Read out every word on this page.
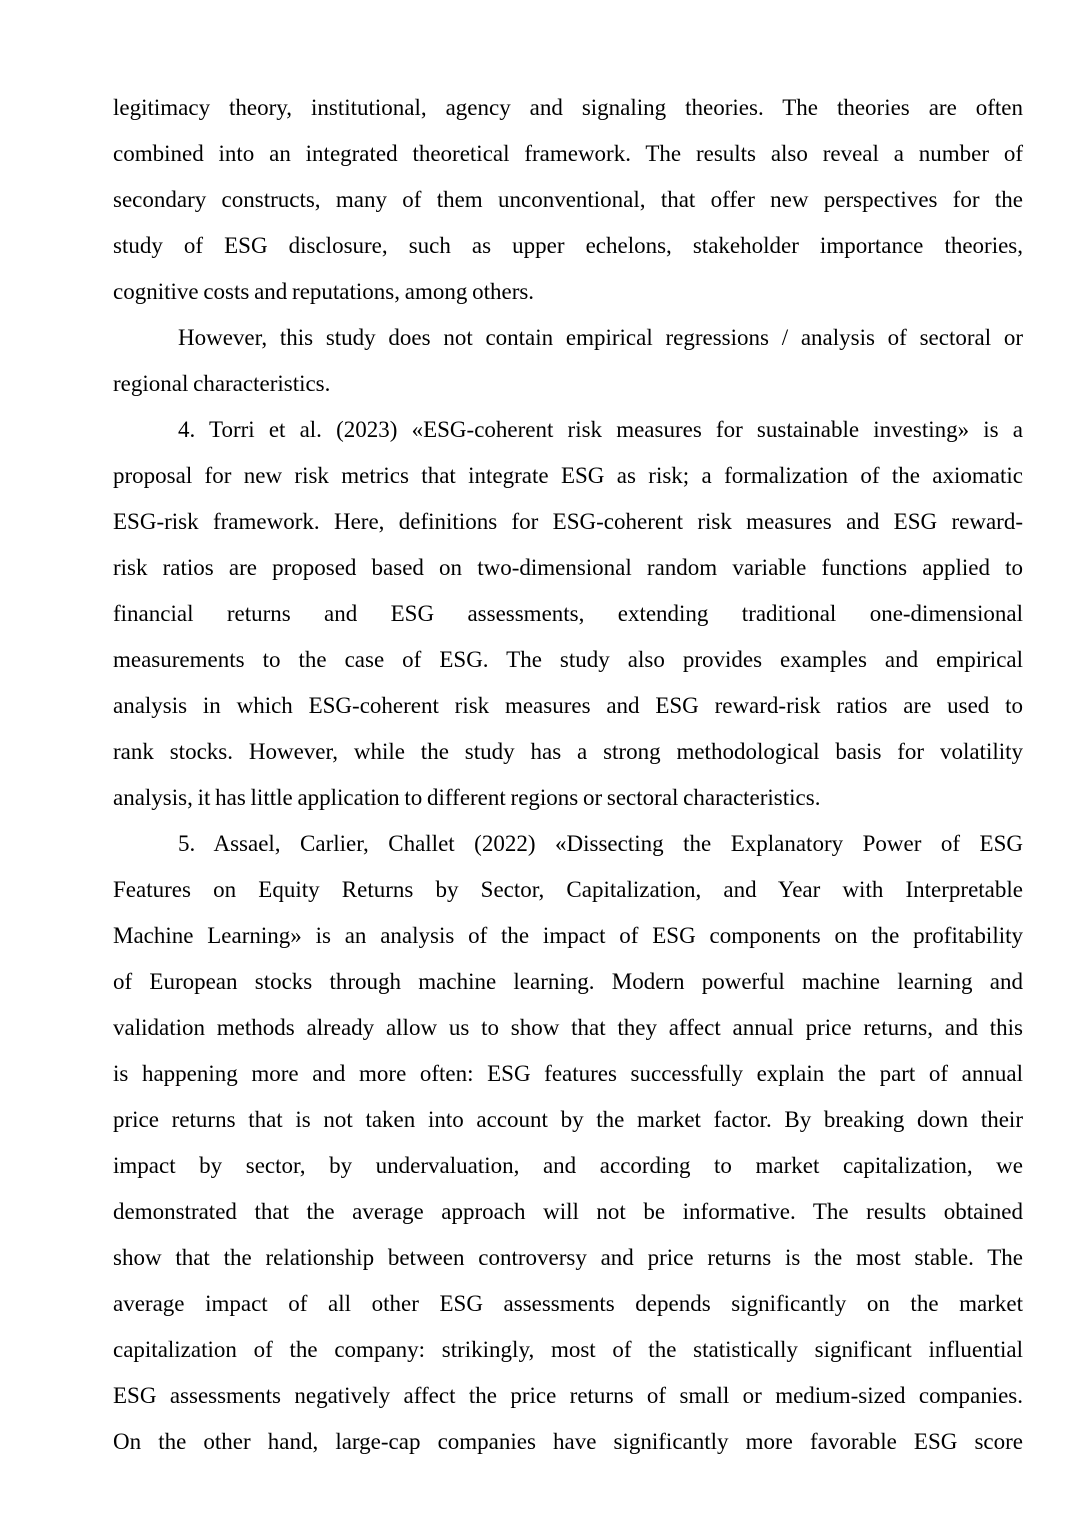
legitimacy theory, institutional, agency and signaling theories. The theories are often
combined into an integrated theoretical framework. The results also reveal a number of
secondary constructs, many of them unconventional, that offer new perspectives for the
study of ESG disclosure, such as upper echelons, stakeholder importance theories,
cognitive costs and reputations, among others.

However, this study does not contain empirical regressions / analysis of sectoral or
regional characteristics.

4. Torri et al. (2023) «ESG-coherent risk measures for sustainable investing» is a
proposal for new risk metrics that integrate ESG as risk; a formalization of the axiomatic
ESG-risk framework. Here, definitions for ESG-coherent risk measures and ESG reward-
risk ratios are proposed based on two-dimensional random variable functions applied to
financial returns and ESG assessments, extending traditional one-dimensional
measurements to the case of ESG. The study also provides examples and empirical
analysis in which ESG-coherent risk measures and ESG reward-risk ratios are used to
rank stocks. However, while the study has a strong methodological basis for volatility
analysis, it has little application to different regions or sectoral characteristics.

5. Assael, Carlier, Challet (2022) «Dissecting the Explanatory Power of ESG
Features on Equity Returns by Sector, Capitalization, and Year with Interpretable
Machine Learning» is an analysis of the impact of ESG components on the profitability
of European stocks through machine learning. Modern powerful machine learning and
validation methods already allow us to show that they affect annual price returns, and this
is happening more and more often: ESG features successfully explain the part of annual
price returns that is not taken into account by the market factor. By breaking down their
impact by sector, by undervaluation, and according to market capitalization, we
demonstrated that the average approach will not be informative. The results obtained
show that the relationship between controversy and price returns is the most stable. The
average impact of all other ESG assessments depends significantly on the market
capitalization of the company: strikingly, most of the statistically significant influential
ESG assessments negatively affect the price returns of small or medium-sized companies.
On the other hand, large-cap companies have significantly more favorable ESG score
